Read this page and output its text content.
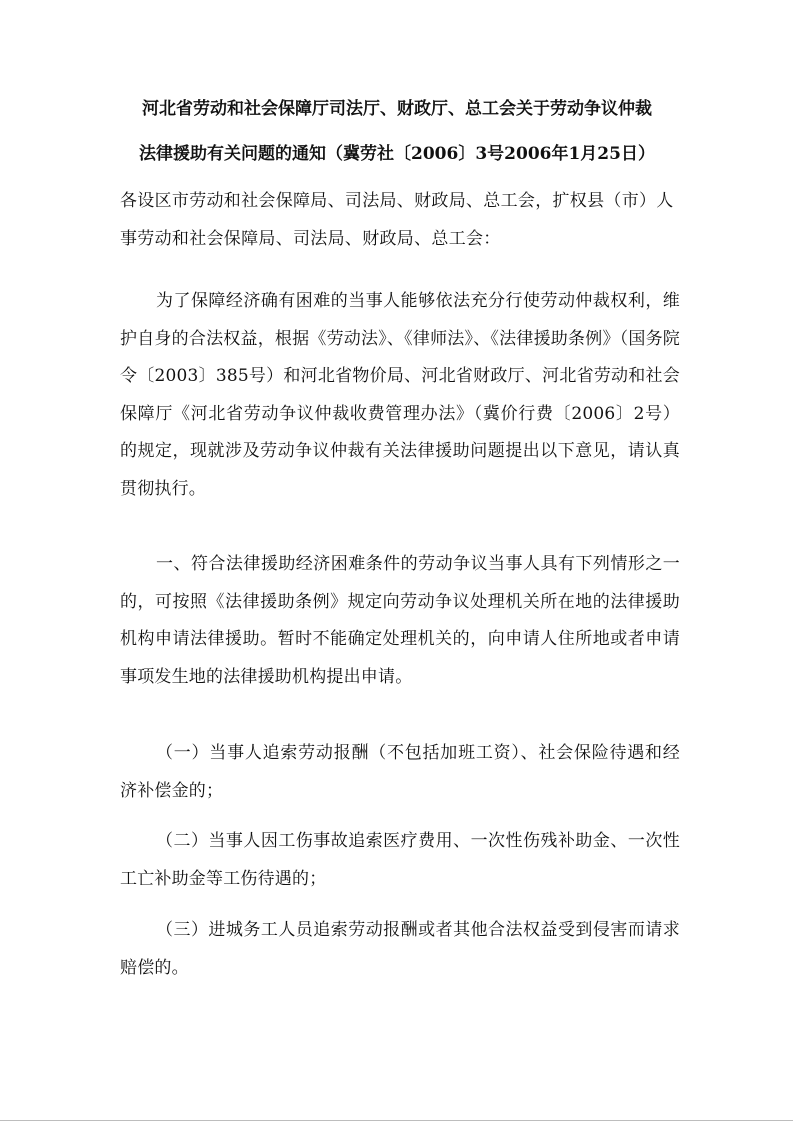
河北省劳动和社会保障厅司法厅、财政厅、总工会关于劳动争议仲裁
法律援助有关问题的通知（冀劳社〔2006〕3号2006年1月25日）
各设区市劳动和社会保障局、司法局、财政局、总工会，扩权县（市）人事劳动和社会保障局、司法局、财政局、总工会：
为了保障经济确有困难的当事人能够依法充分行使劳动仲裁权利，维护自身的合法权益，根据《劳动法》、《律师法》、《法律援助条例》（国务院令〔2003〕385号）和河北省物价局、河北省财政厅、河北省劳动和社会保障厅《河北省劳动争议仲裁收费管理办法》（冀价行费〔2006〕2号）的规定，现就涉及劳动争议仲裁有关法律援助问题提出以下意见，请认真贯彻执行。
一、符合法律援助经济困难条件的劳动争议当事人具有下列情形之一的，可按照《法律援助条例》规定向劳动争议处理机关所在地的法律援助机构申请法律援助。暂时不能确定处理机关的，向申请人住所地或者申请事项发生地的法律援助机构提出申请。
（一）当事人追索劳动报酬（不包括加班工资）、社会保险待遇和经济补偿金的；
（二）当事人因工伤事故追索医疗费用、一次性伤残补助金、一次性工亡补助金等工伤待遇的；
（三）进城务工人员追索劳动报酬或者其他合法权益受到侵害而请求赔偿的。
